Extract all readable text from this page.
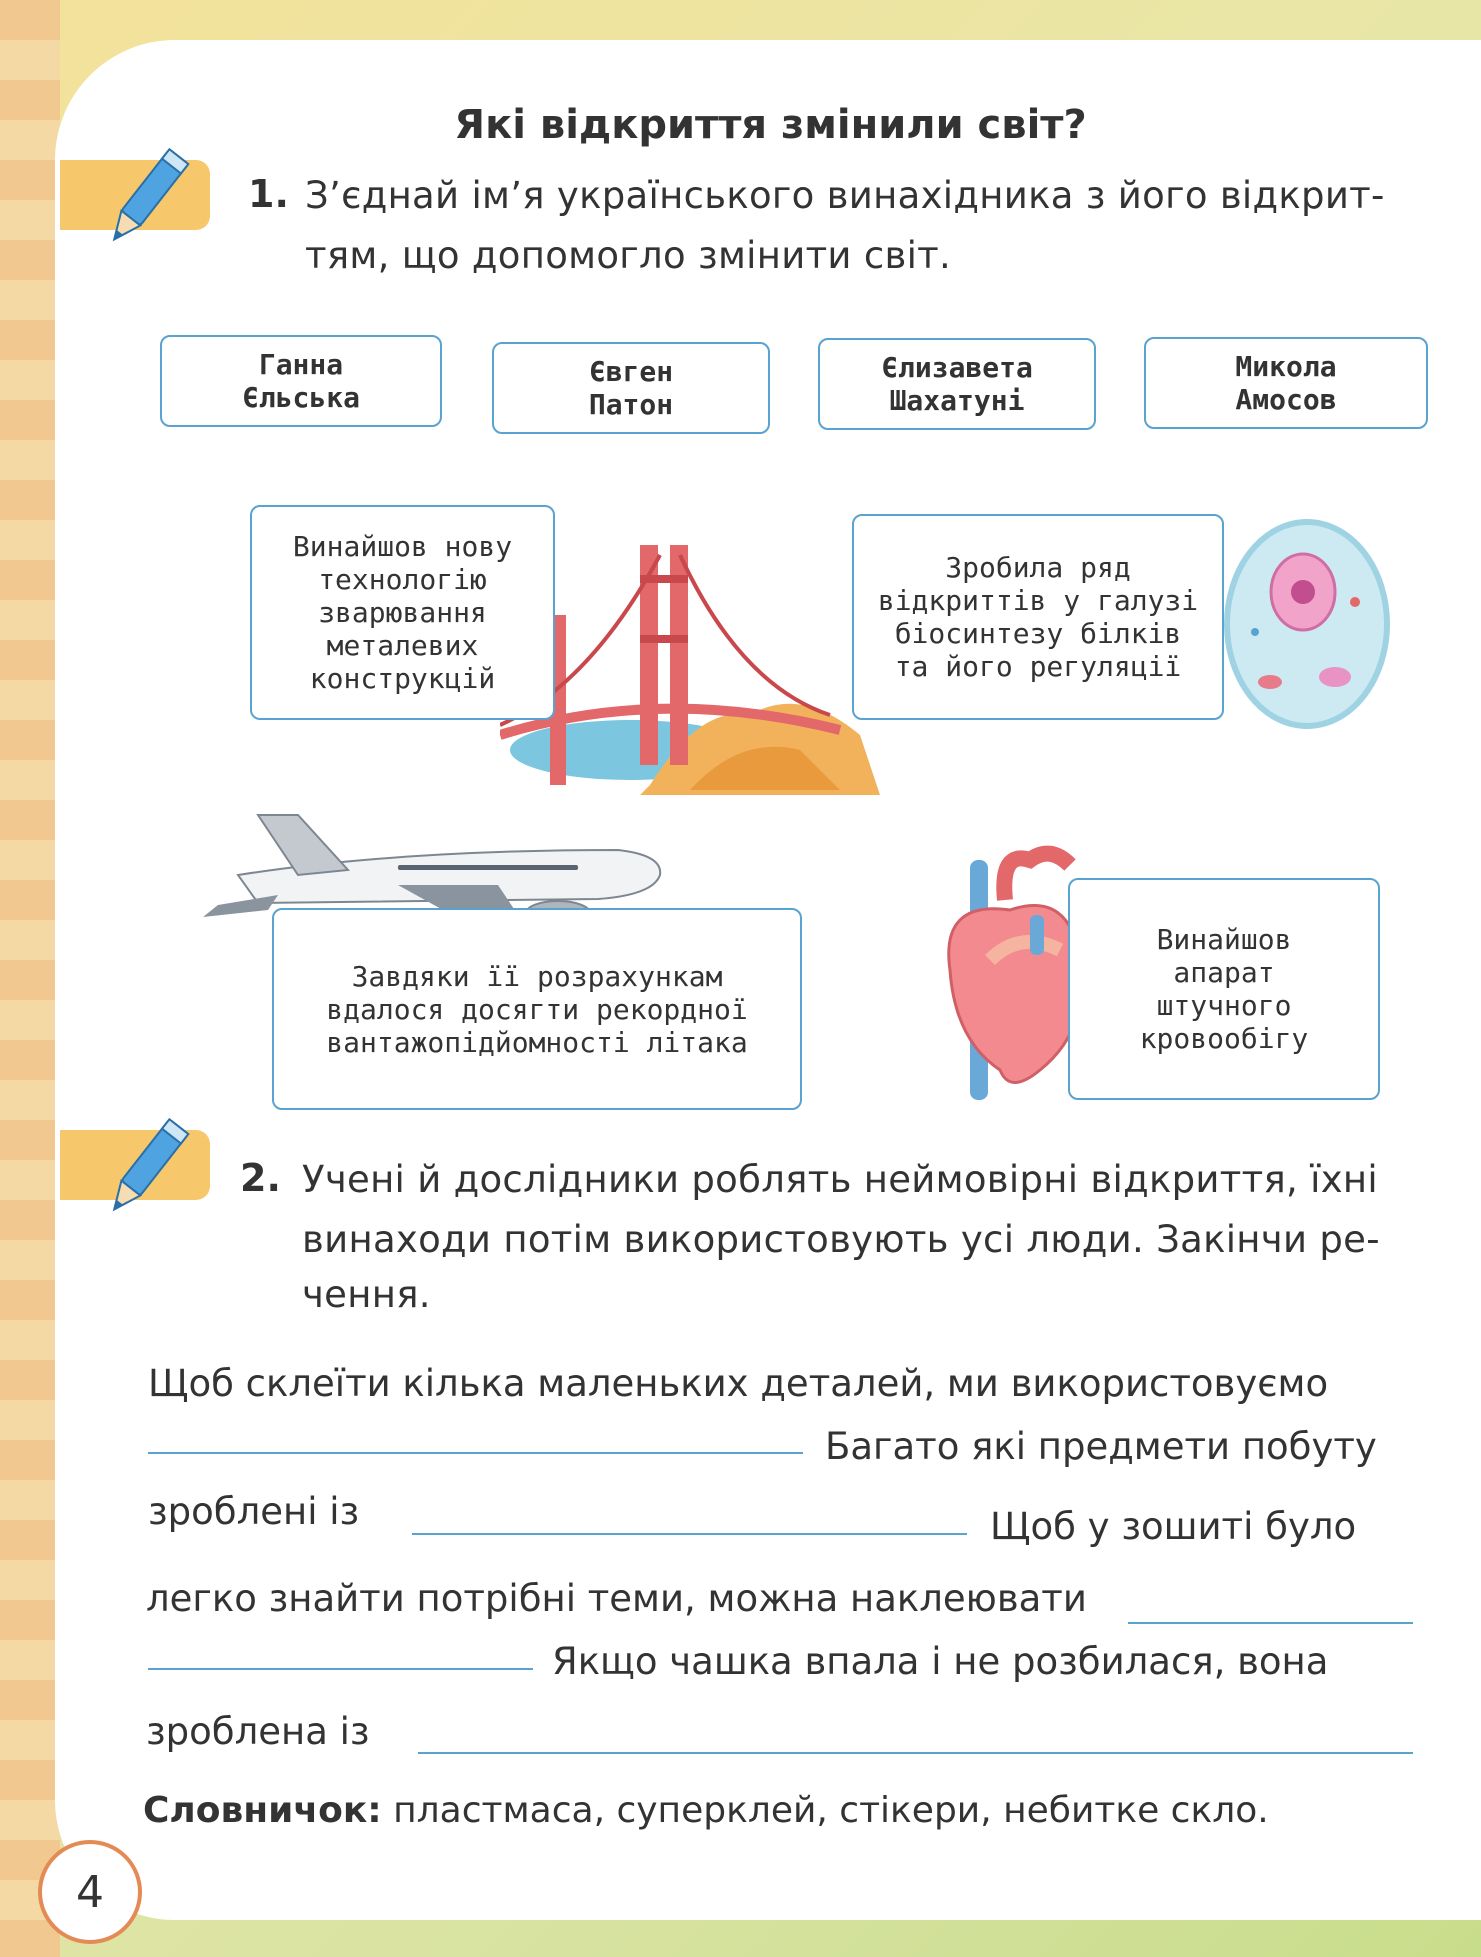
Які відкриття змінили світ?
1. З’єднай ім’я українського винахідника з його відкрит-
тям, що допомогло змінити світ.
Ганна
Єльська
Євген
Патон
Єлизавета
Шахатуні
Микола
Амосов
Винайшов нову
технологію
зварювання
металевих
конструкцій
Зробила ряд
відкриттів у галузі
біосинтезу білків
та його регуляції
Завдяки її розрахункам
вдалося досягти рекордної
вантажопідйомності літака
Винайшов
апарат
штучного
кровообігу
2. Учені й дослідники роблять неймовірні відкриття, їхні
винаходи потім використовують усі люди. Закінчи ре-
чення.
Щоб склеїти кілька маленьких деталей, ми використовуємо
Багато які предмети побуту
зроблені із	Щоб у зошиті було
легко знайти потрібні теми, можна наклеювати
Якщо чашка впала і не розбилася, вона
зроблена із
Словничок: пластмаса, суперклей, стікери, небитке скло.
4
